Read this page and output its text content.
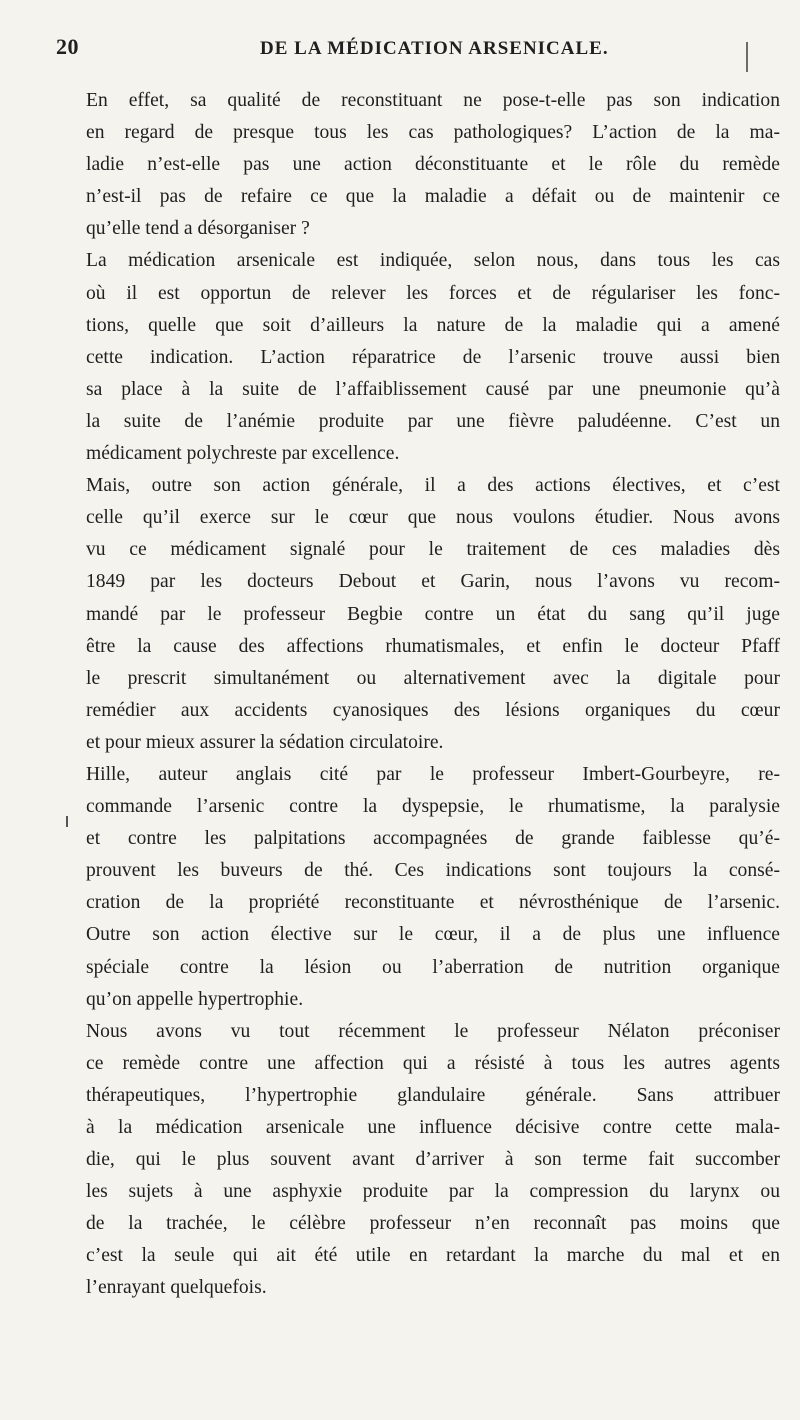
20	DE LA MÉDICATION ARSENICALE.
En effet, sa qualité de reconstituant ne pose-t-elle pas son indication
en regard de presque tous les cas pathologiques? L’action de la ma-
ladie n’est-elle pas une action déconstituante et le rôle du remède
n’est-il pas de refaire ce que la maladie a défait ou de maintenir ce
qu’elle tend a désorganiser ?
La médication arsenicale est indiquée, selon nous, dans tous les cas
où il est opportun de relever les forces et de régulariser les fonc-
tions, quelle que soit d’ailleurs la nature de la maladie qui a amené
cette indication. L’action réparatrice de l’arsenic trouve aussi bien
sa place à la suite de l’affaiblissement causé par une pneumonie qu’à
la suite de l’anémie produite par une fièvre paludéenne. C’est un
médicament polychreste par excellence.
Mais, outre son action générale, il a des actions électives, et c’est
celle qu’il exerce sur le cœur que nous voulons étudier. Nous avons
vu ce médicament signalé pour le traitement de ces maladies dès
1849 par les docteurs Debout et Garin, nous l’avons vu recom-
mandé par le professeur Begbie contre un état du sang qu’il juge
être la cause des affections rhumatismales, et enfin le docteur Pfaff
le prescrit simultanément ou alternativement avec la digitale pour
remédier aux accidents cyanosiques des lésions organiques du cœur
et pour mieux assurer la sédation circulatoire.
Hille, auteur anglais cité par le professeur Imbert-Gourbeyre, re-
commande l’arsenic contre la dyspepsie, le rhumatisme, la paralysie
et contre les palpitations accompagnées de grande faiblesse qu’é-
prouvent les buveurs de thé. Ces indications sont toujours la consé-
cration de la propriété reconstituante et névrosthénique de l’arsenic.
Outre son action élective sur le cœur, il a de plus une influence
spéciale contre la lésion ou l’aberration de nutrition organique
qu’on appelle hypertrophie.
Nous avons vu tout récemment le professeur Nélaton préconiser
ce remède contre une affection qui a résisté à tous les autres agents
thérapeutiques, l’hypertrophie glandulaire générale. Sans attribuer
à la médication arsenicale une influence décisive contre cette mala-
die, qui le plus souvent avant d’arriver à son terme fait succomber
les sujets à une asphyxie produite par la compression du larynx ou
de la trachée, le célèbre professeur n’en reconnaît pas moins que
c’est la seule qui ait été utile en retardant la marche du mal et en
l’enrayant quelquefois.
